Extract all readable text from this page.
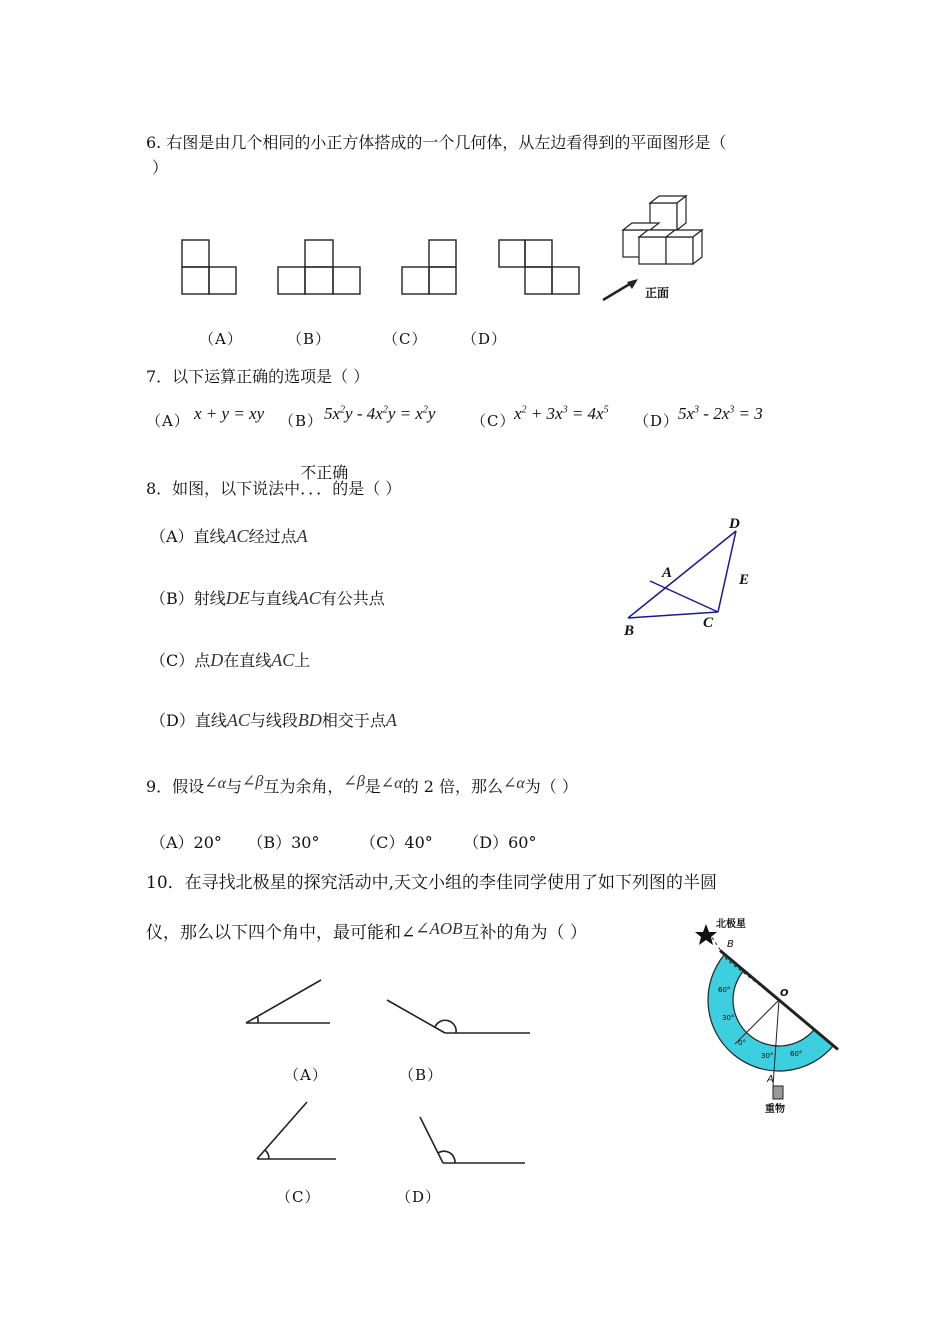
6. 右图是由几个相同的小正方体搭成的一个几何体，从左边看得到的平面图形是（
）
正面
（A）	（B）	（C） （D）
7．以下运算正确的选项是（ ）
（A） x + y = xy （B） $5x^2y - 4x^2y = x^2y$ （C）
$x^2 + 3x^3 = 4x^5$
（D）
$5x^3 - 2x^3 = 3$
8．如图，以下说法中
不正确
．．．的是（ ）
（A）直线AC经过点A
（B）射线DE与直线AC有公共点
（C）点D在直线AC上
（D）直线AC与线段BD相交于点A
D
A	E
B	C
9．假设∠α与∠β互为余角，∠β是∠α的 2 倍，那么∠α为（ ）
（A）20°     （B）30°        （C）40°      （D）60°
10．在寻找北极星的探究活动中,天文小组的李佳同学使用了如下列图的半圆
仪，那么以下四个角中，最可能和∠∠AOB互补的角为（ ）
（A）	（B）
（C）	（D）
北极星
B
O
A
重物
60°
30°
0°
30° 60°
